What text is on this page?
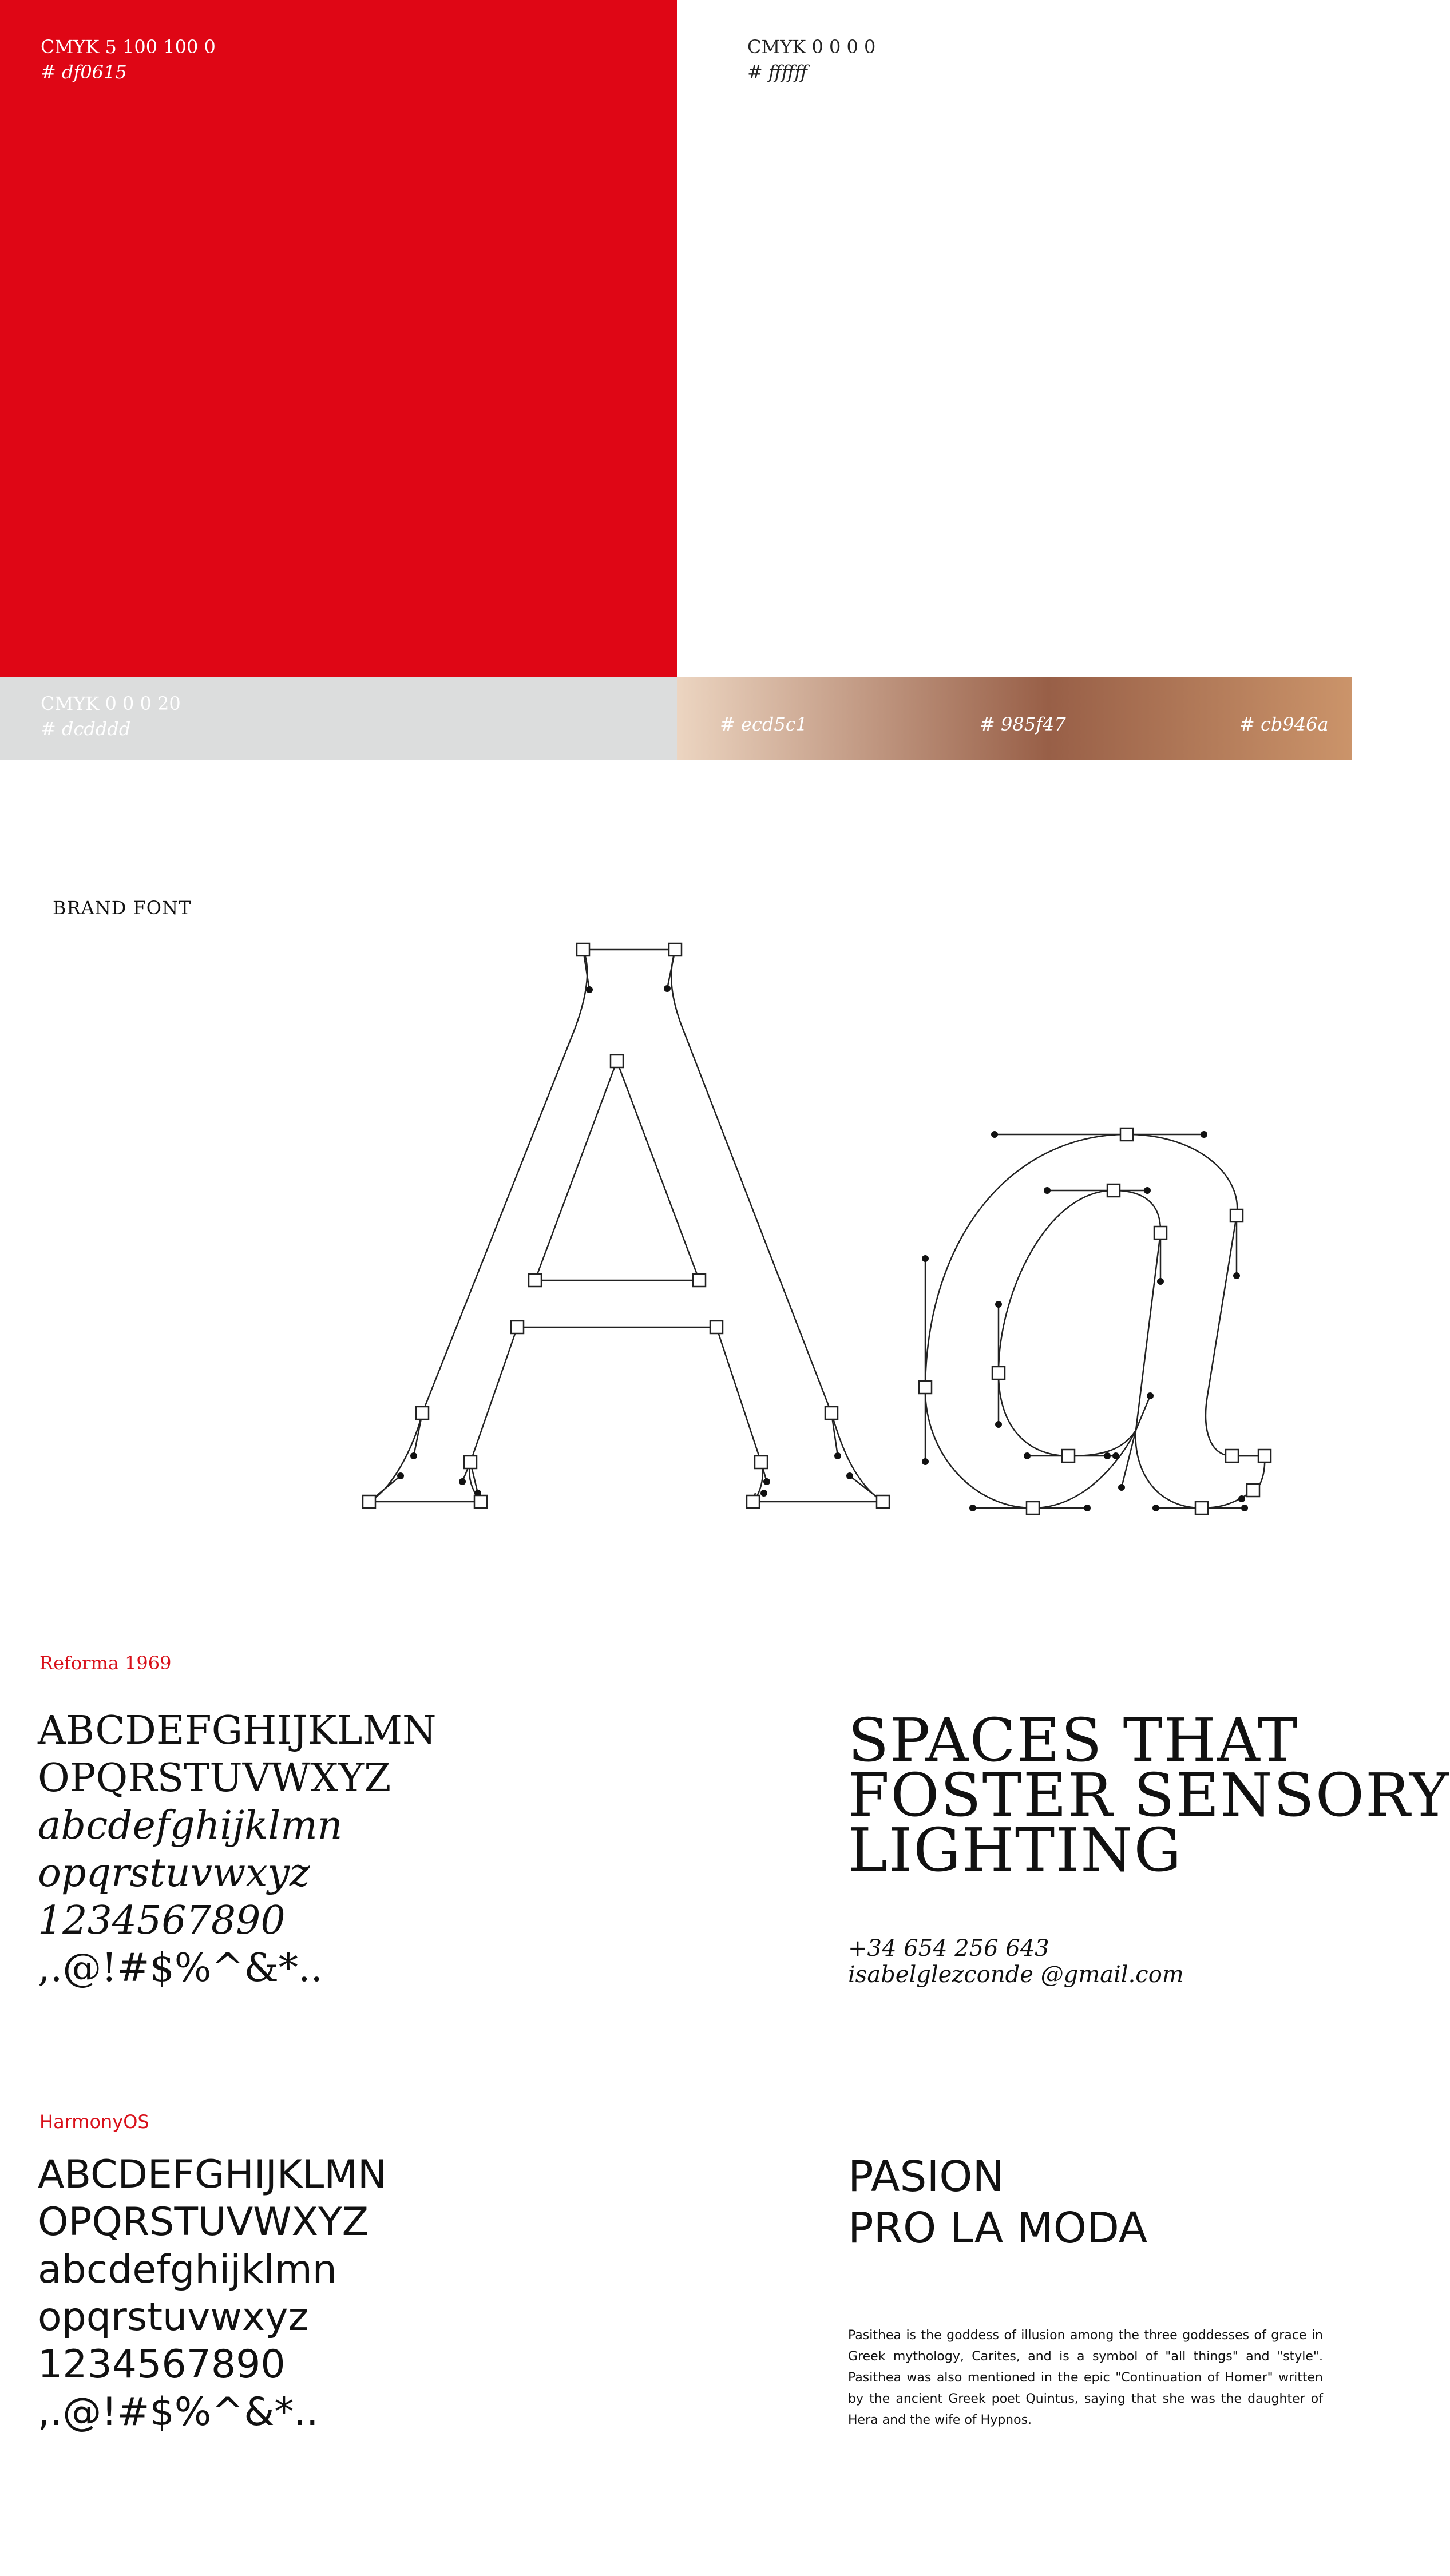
CMYK 5 100 100 0
# df0615
CMYK 0 0 0 0
# ffffff
CMYK 0 0 0 20
# dcdddd	# ecd5c1	# 985f47	# cb946a
BRAND FONT
Reforma 1969
ABCDEFGHIJKLMN
OPQRSTUVWXYZ
abcdefghijklmn
opqrstuvwxyz
1234567890
,.@!#$%^&*..
SPACES THAT
FOSTER SENSORY
LIGHTING
+34 654 256 643
isabelglezconde @gmail.com
HarmonyOS
ABCDEFGHIJKLMN
OPQRSTUVWXYZ
abcdefghijklmn
opqrstuvwxyz
1234567890
,.@!#$%^&*..
PASION
PRO LA MODA
Pasithea is the goddess of illusion among the three goddesses of grace in Greek mythology, Carites, and is a symbol of "all things" and "style". Pasithea was also mentioned in the epic "Continuation of Homer" written by the ancient Greek poet Quintus, saying that she was the daughter of Hera and the wife of Hypnos.
